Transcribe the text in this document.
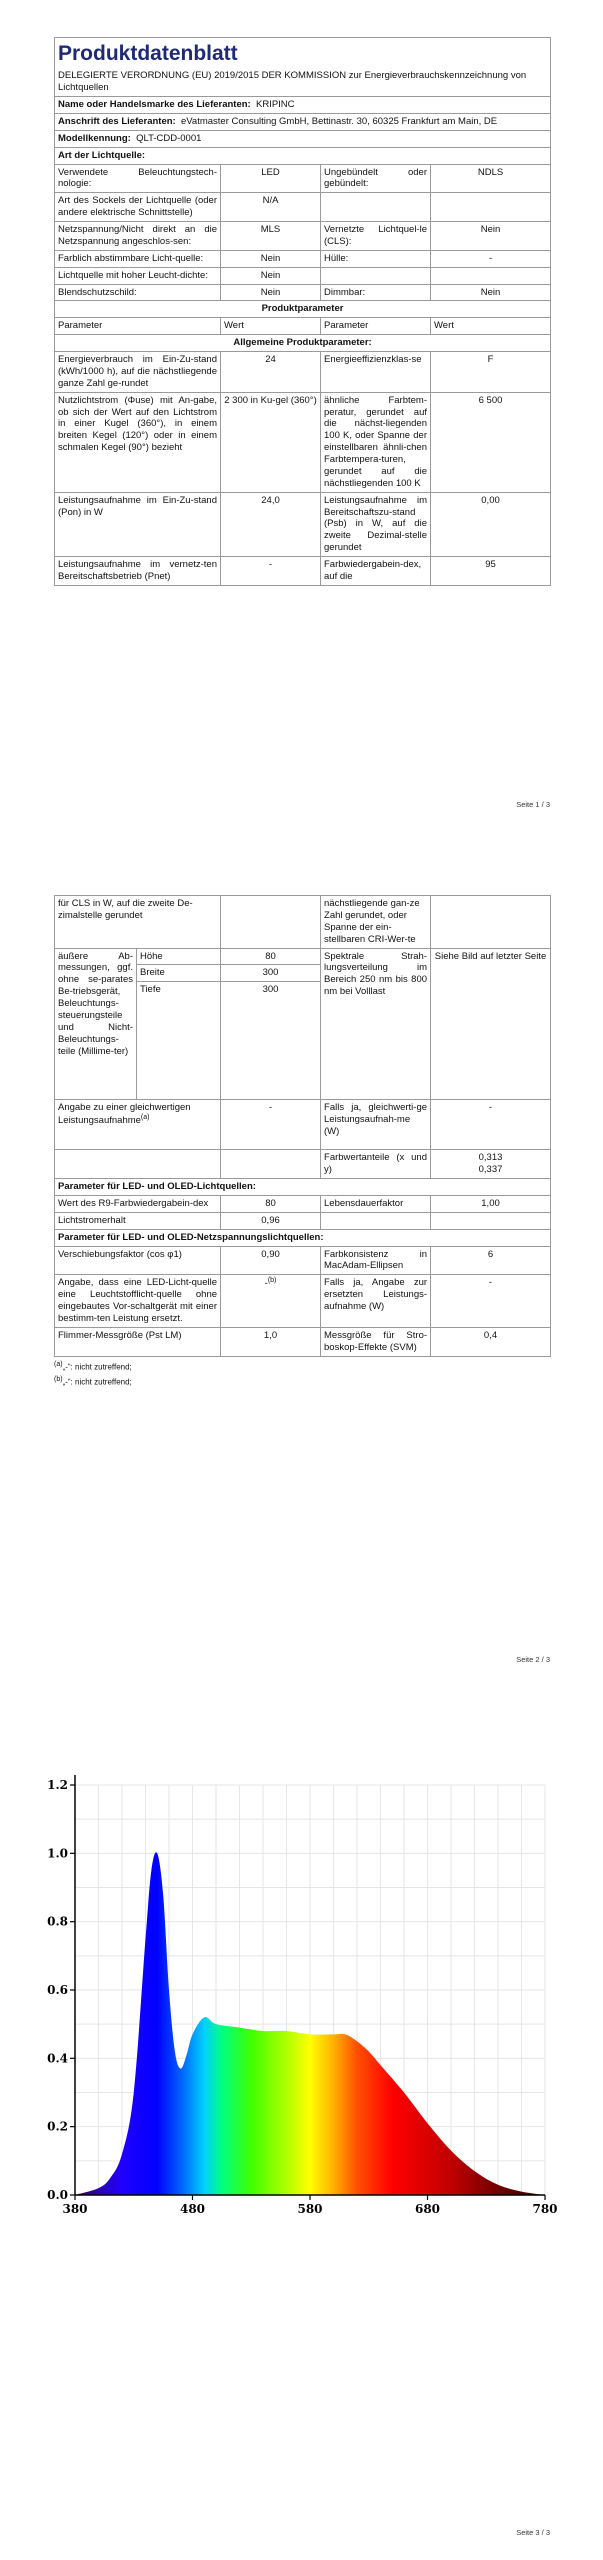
Produktdatenblatt			
DELEGIERTE VERORDNUNG (EU) 2019/2015 DER KOMMISSION zur Energieverbrauchskennzeichnung von Lichtquellen			
Name oder Handelsmarke des Lieferanten: KRIPINC			
Anschrift des Lieferanten: eVatmaster Consulting GmbH, Bettinastr. 30, 60325 Frankfurt am Main, DE			
Modellkennung: QLT-CDD-0001			
Art der Lichtquelle:			
Verwendete Beleuchtungstech-nologie:	LED	Ungebündelt oder gebündelt:	NDLS
Art des Sockels der Lichtquelle (oder andere elektrische Schnittstelle)	N/A		
Netzspannung/Nicht direkt an die Netzspannung angeschlos-sen:	MLS	Vernetzte Lichtquel-le (CLS):	Nein
Farblich abstimmbare Licht-quelle:	Nein	Hülle:	-
Lichtquelle mit hoher Leucht-dichte:	Nein		
Blendschutzschild:	Nein	Dimmbar:	Nein
Produktparameter			
Parameter	Wert	Parameter	Wert
Allgemeine Produktparameter:			
Energieverbrauch im Ein-Zu-stand (kWh/1000 h), auf die nächstliegende ganze Zahl ge-rundet	24	Energieeffizienzklas-se	F
Nutzlichtstrom (Φuse) mit An-gabe, ob sich der Wert auf den Lichtstrom in einer Kugel (360°), in einem breiten Kegel (120°) oder in einem schmalen Kegel (90°) bezieht	2 300 in Ku-gel (360°)	ähnliche Farbtem-peratur, gerundet auf die nächst-liegenden 100 K, oder Spanne der einstellbaren ähnli-chen Farbtempera-turen, gerundet auf die nächstliegenden 100 K	6 500
Leistungsaufnahme im Ein-Zu-stand (Pon) in W	24,0	Leistungsaufnahme im Bereitschaftszu-stand (Psb) in W, auf die zweite Dezimal-stelle gerundet	0,00
Leistungsaufnahme im vernetz-ten Bereitschaftsbetrieb (Pnet)	-	Farbwiedergabein-dex, auf die	95
Seite 1 / 3
für CLS in W, auf die zweite De-zimalstelle gerundet			nächstliegende gan-ze Zahl gerundet, oder Spanne der ein-stellbaren CRI-Wer-te	
äußere Ab-messungen, ggf. ohne se-parates Be-triebsgerät, Beleuchtungs-steuerungsteile und Nicht-Beleuchtungs-teile (Millime-ter)	Höhe	80	Spektrale Strah-lungsverteilung im Bereich 250 nm bis 800 nm bei Volllast	Siehe Bild auf letzter Seite
	Breite	300		
	Tiefe	300		
Angabe zu einer gleichwertigen Leistungsaufnahme$^{(a)}$		-	Falls ja, gleichwerti-ge Leistungsaufnah-me (W)	-
			Farbwertanteile (x und y)	0,313
0,337

Parameter für LED- und OLED-Lichtquellen:				
Wert des R9-Farbwiedergabein-dex		80	Lebensdauerfaktor	1,00
Lichtstromerhalt		0,96		
Parameter für LED- und OLED-Netzspannungslichtquellen:				
Verschiebungsfaktor (cos φ1)		0,90	Farbkonsistenz in MacAdam-Ellipsen	6
Angabe, dass eine LED-Licht-quelle eine Leuchtstofflicht-quelle ohne eingebautes Vor-schaltgerät mit einer bestimm-ten Leistung ersetzt.		-$^{(b)}$	Falls ja, Angabe zur ersetzten Leistungs-aufnahme (W)	-
Flimmer-Messgröße (Pst LM)		1,0	Messgröße für Stro-boskop-Effekte (SVM)	0,4
$^{(a)}$„-“: nicht zutreffend;
$^{(b)}$„-“: nicht zutreffend;
Seite 2 / 3
0.0
0.2
0.4
0.6
0.8
1.0
1.2
380	480	580	680	780
Seite 3 / 3
